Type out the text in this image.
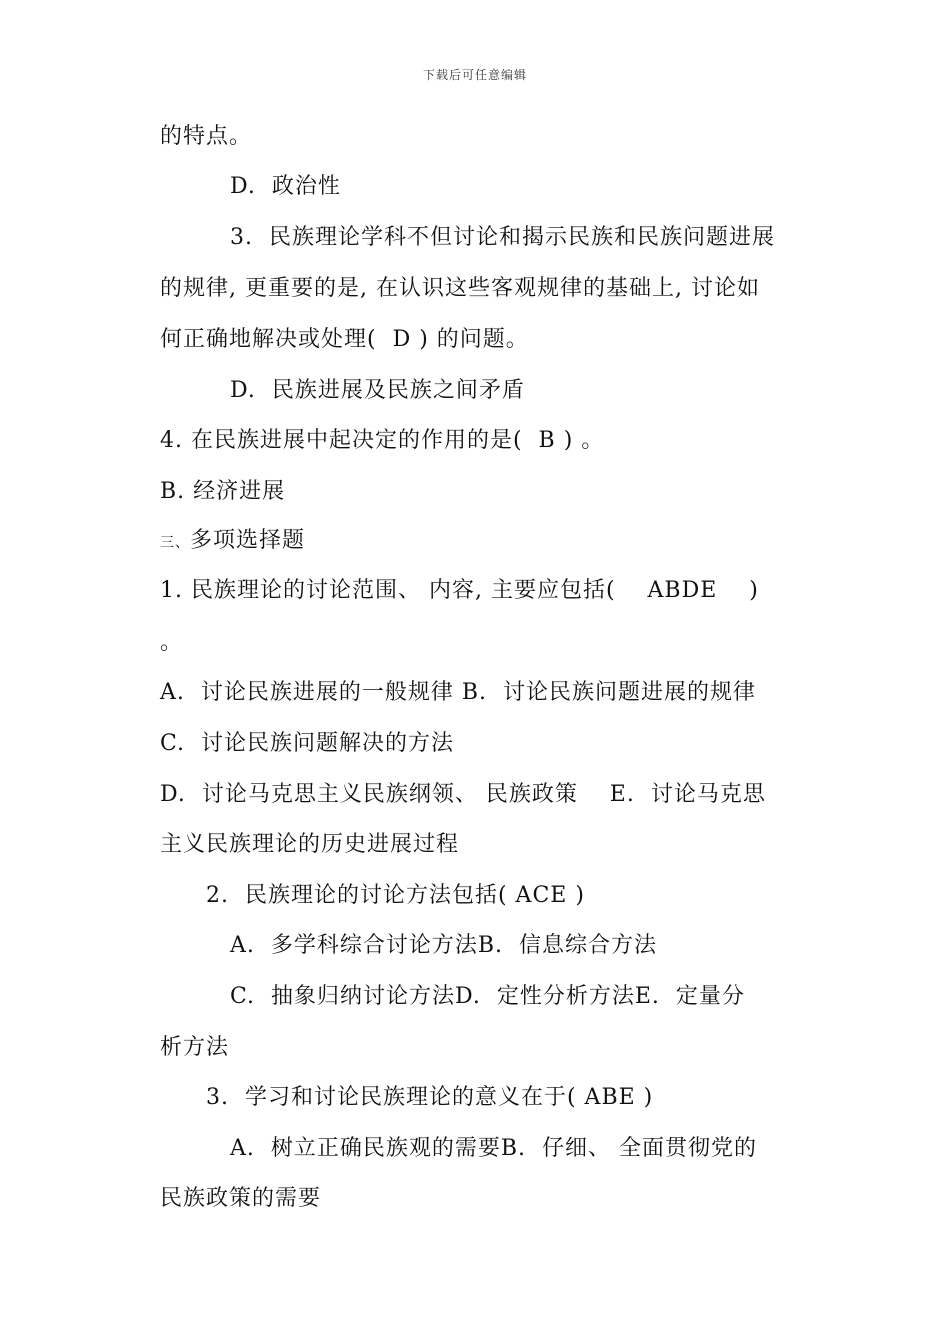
下载后可任意编辑
的特点。
D.  政治性
3.  民族理论学科不但讨论和揭示民族和民族问题进展
的规律, 更重要的是, 在认识这些客观规律的基础上, 讨论如
何正确地解决或处理(  D ) 的问题。
D.  民族进展及民族之间矛盾
4. 在民族进展中起决定的作用的是(  B ) 。
B. 经济进展
三、多项选择题
1. 民族理论的讨论范围、 内容, 主要应包括(    ABDE    )
。
A.  讨论民族进展的一般规律 B.  讨论民族问题进展的规律
C.  讨论民族问题解决的方法
D.  讨论马克思主义民族纲领、 民族政策    E.  讨论马克思
主义民族理论的历史进展过程
2.  民族理论的讨论方法包括( ACE )
A.  多学科综合讨论方法B.  信息综合方法
C.  抽象归纳讨论方法D.  定性分析方法E.  定量分
析方法
3.  学习和讨论民族理论的意义在于( ABE )
A.  树立正确民族观的需要B.  仔细、 全面贯彻党的
民族政策的需要
